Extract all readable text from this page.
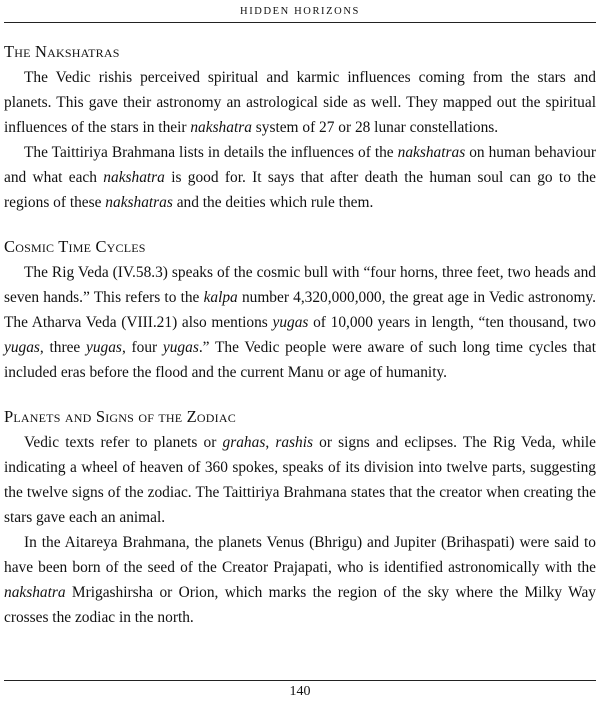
HIDDEN HORIZONS
The Nakshatras

The Vedic rishis perceived spiritual and karmic influences coming from the stars and planets. This gave their astronomy an astrological side as well. They mapped out the spiritual influences of the stars in their nakshatra system of 27 or 28 lunar constellations.

The Taittiriya Brahmana lists in details the influences of the nakshatras on human behaviour and what each nakshatra is good for. It says that after death the human soul can go to the regions of these nakshatras and the deities which rule them.

Cosmic Time Cycles

The Rig Veda (IV.58.3) speaks of the cosmic bull with “four horns, three feet, two heads and seven hands.” This refers to the kalpa number 4,320,000,000, the great age in Vedic astronomy. The Atharva Veda (VIII.21) also mentions yugas of 10,000 years in length, “ten thousand, two yugas, three yugas, four yugas.” The Vedic people were aware of such long time cycles that included eras before the flood and the current Manu or age of humanity.

Planets and Signs of the Zodiac

Vedic texts refer to planets or grahas, rashis or signs and eclipses. The Rig Veda, while indicating a wheel of heaven of 360 spokes, speaks of its division into twelve parts, suggesting the twelve signs of the zodiac. The Taittiriya Brahmana states that the creator when creating the stars gave each an animal.

In the Aitareya Brahmana, the planets Venus (Bhrigu) and Jupiter (Brihaspati) were said to have been born of the seed of the Creator Prajapati, who is identified astronomically with the nakshatra Mrigashirsha or Orion, which marks the region of the sky where the Milky Way crosses the zodiac in the north.

140
